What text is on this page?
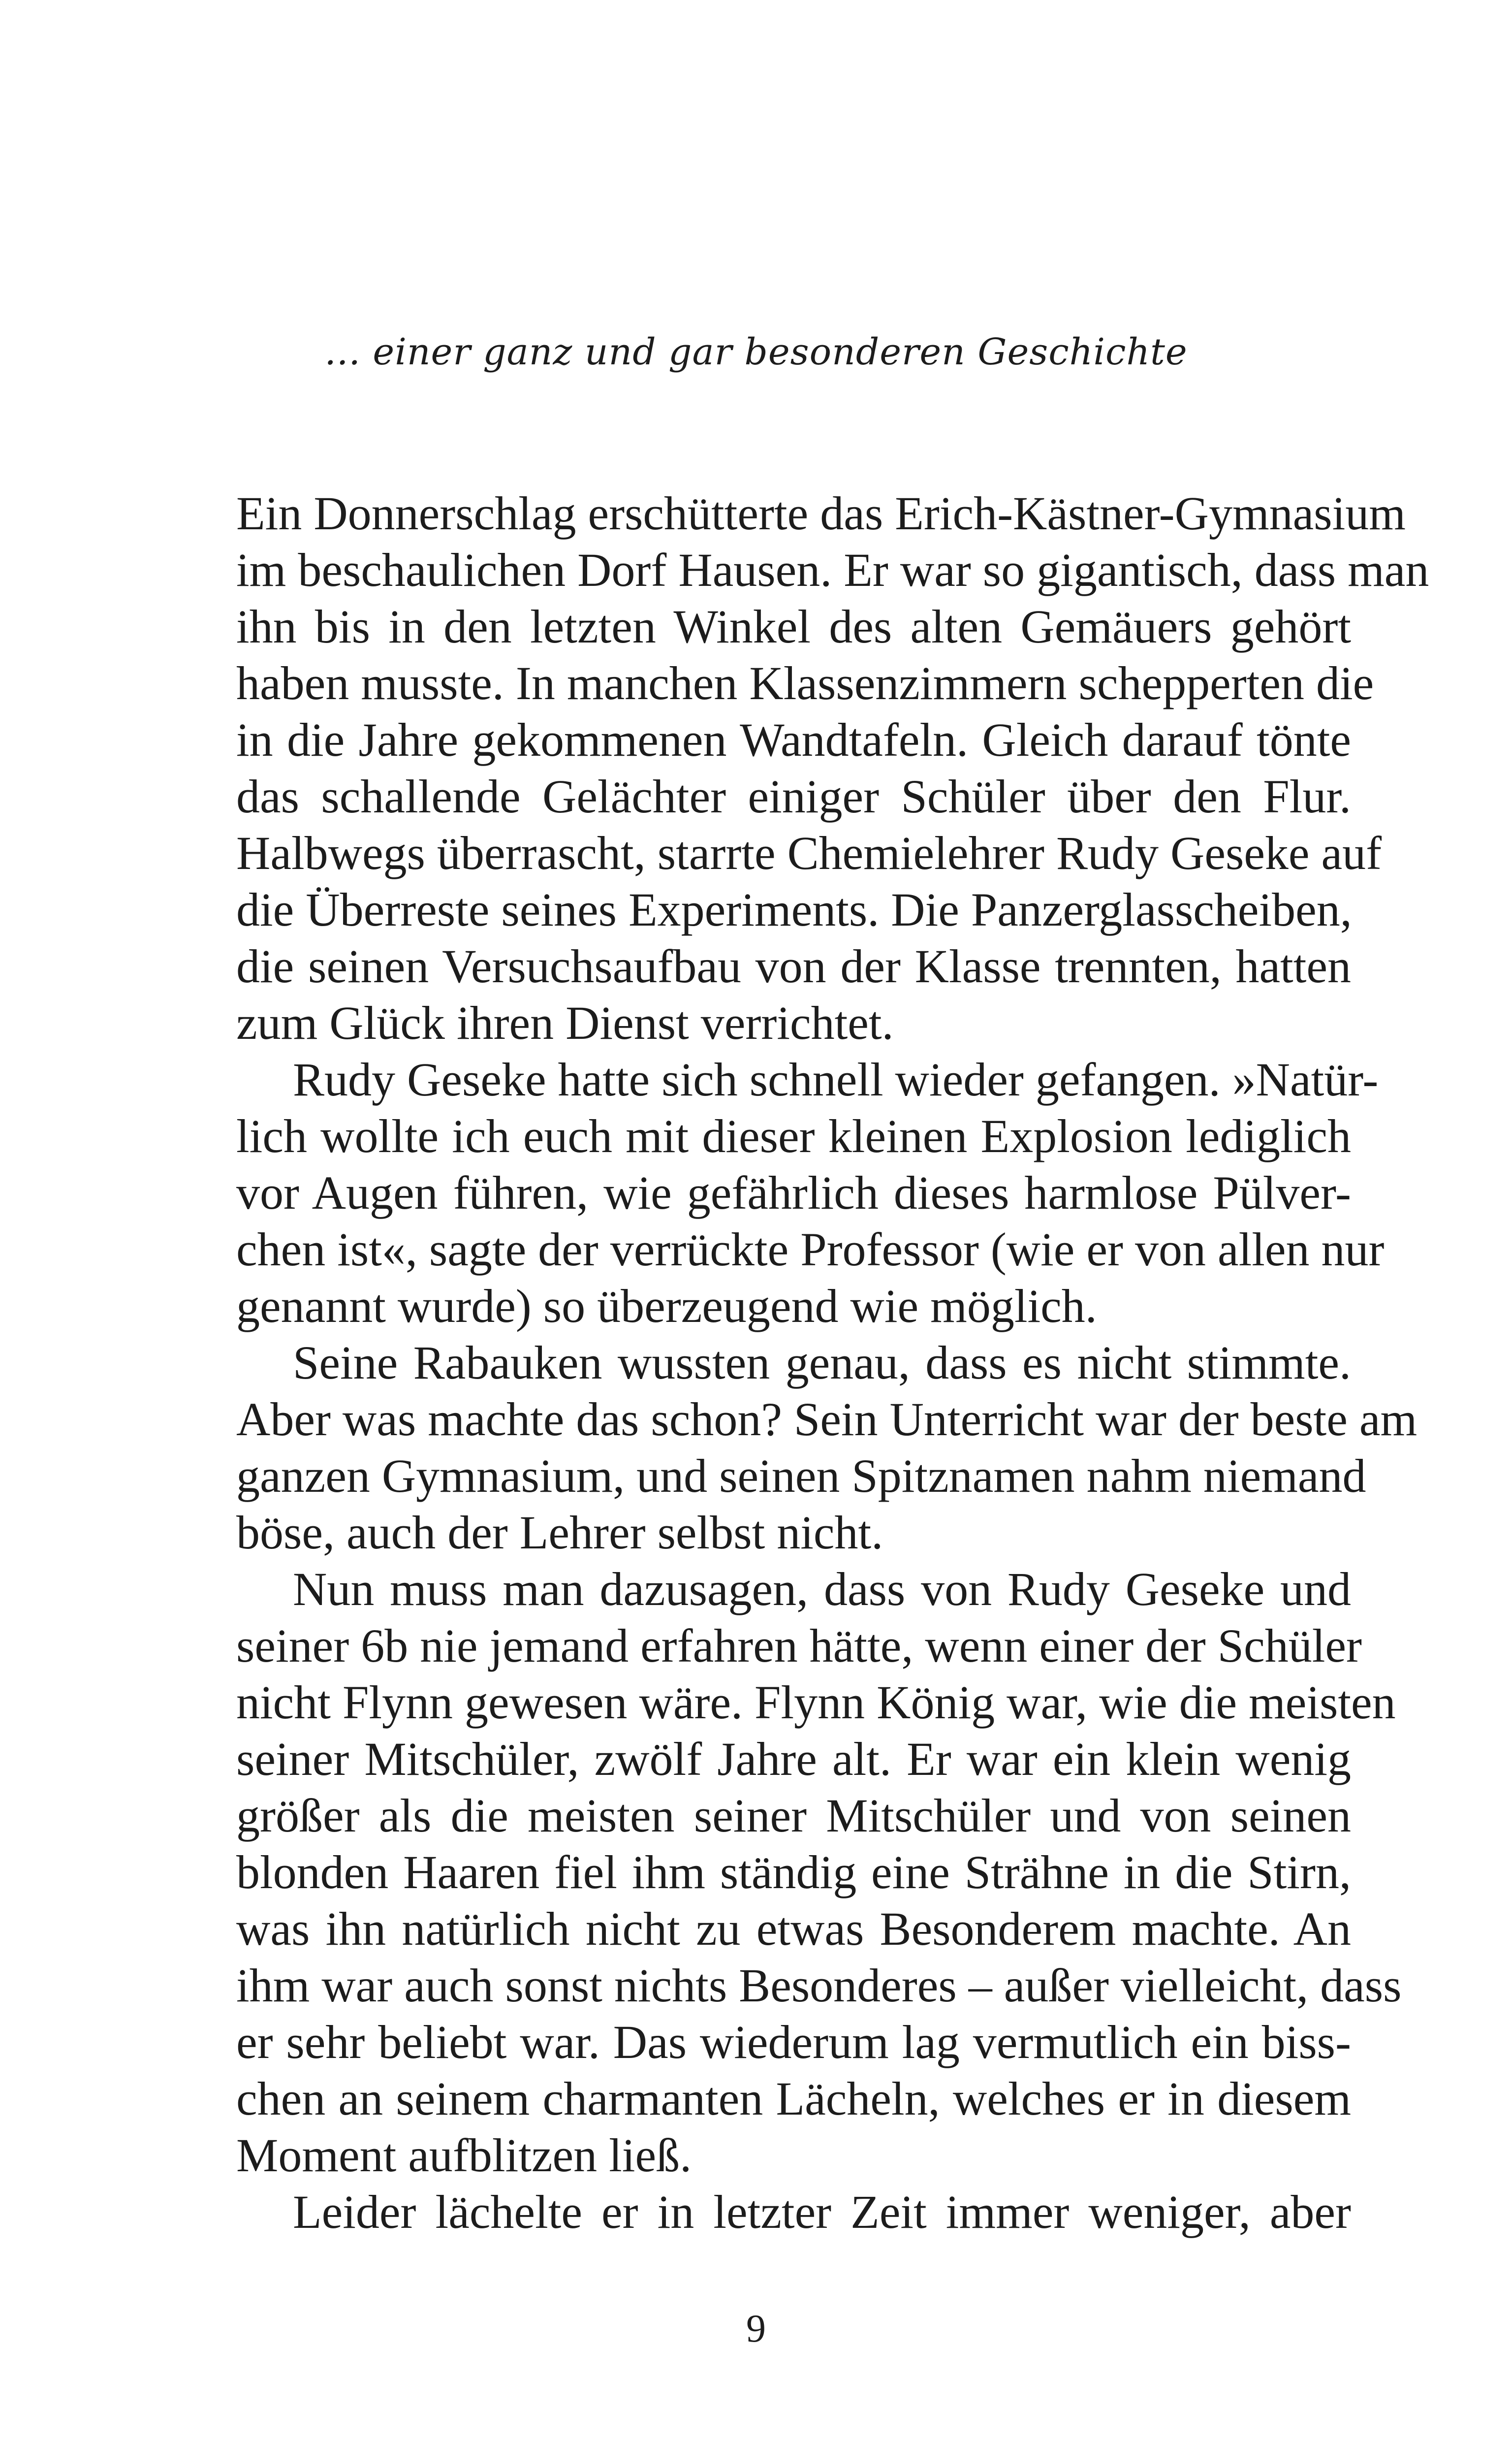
... einer ganz und gar besonderen Geschichte
Ein Donnerschlag erschütterte das Erich-Kästner-Gymnasium
im beschaulichen Dorf Hausen. Er war so gigantisch, dass man
ihn bis in den letzten Winkel des alten Gemäuers gehört
haben musste. In manchen Klassenzimmern schepperten die
in die Jahre gekommenen Wandtafeln. Gleich darauf tönte
das schallende Gelächter einiger Schüler über den Flur.
Halbwegs überrascht, starrte Chemielehrer Rudy Geseke auf
die Überreste seines Experiments. Die Panzerglasscheiben,
die seinen Versuchsaufbau von der Klasse trennten, hatten
zum Glück ihren Dienst verrichtet.
Rudy Geseke hatte sich schnell wieder gefangen. »Natür-
lich wollte ich euch mit dieser kleinen Explosion lediglich
vor Augen führen, wie gefährlich dieses harmlose Pülver-
chen ist«, sagte der verrückte Professor (wie er von allen nur
genannt wurde) so überzeugend wie möglich.
Seine Rabauken wussten genau, dass es nicht stimmte.
Aber was machte das schon? Sein Unterricht war der beste am
ganzen Gymnasium, und seinen Spitznamen nahm niemand
böse, auch der Lehrer selbst nicht.
Nun muss man dazusagen, dass von Rudy Geseke und
seiner 6b nie jemand erfahren hätte, wenn einer der Schüler
nicht Flynn gewesen wäre. Flynn König war, wie die meisten
seiner Mitschüler, zwölf Jahre alt. Er war ein klein wenig
größer als die meisten seiner Mitschüler und von seinen
blonden Haaren fiel ihm ständig eine Strähne in die Stirn,
was ihn natürlich nicht zu etwas Besonderem machte. An
ihm war auch sonst nichts Besonderes – außer vielleicht, dass
er sehr beliebt war. Das wiederum lag vermutlich ein biss-
chen an seinem charmanten Lächeln, welches er in diesem
Moment aufblitzen ließ.
Leider lächelte er in letzter Zeit immer weniger, aber
9
